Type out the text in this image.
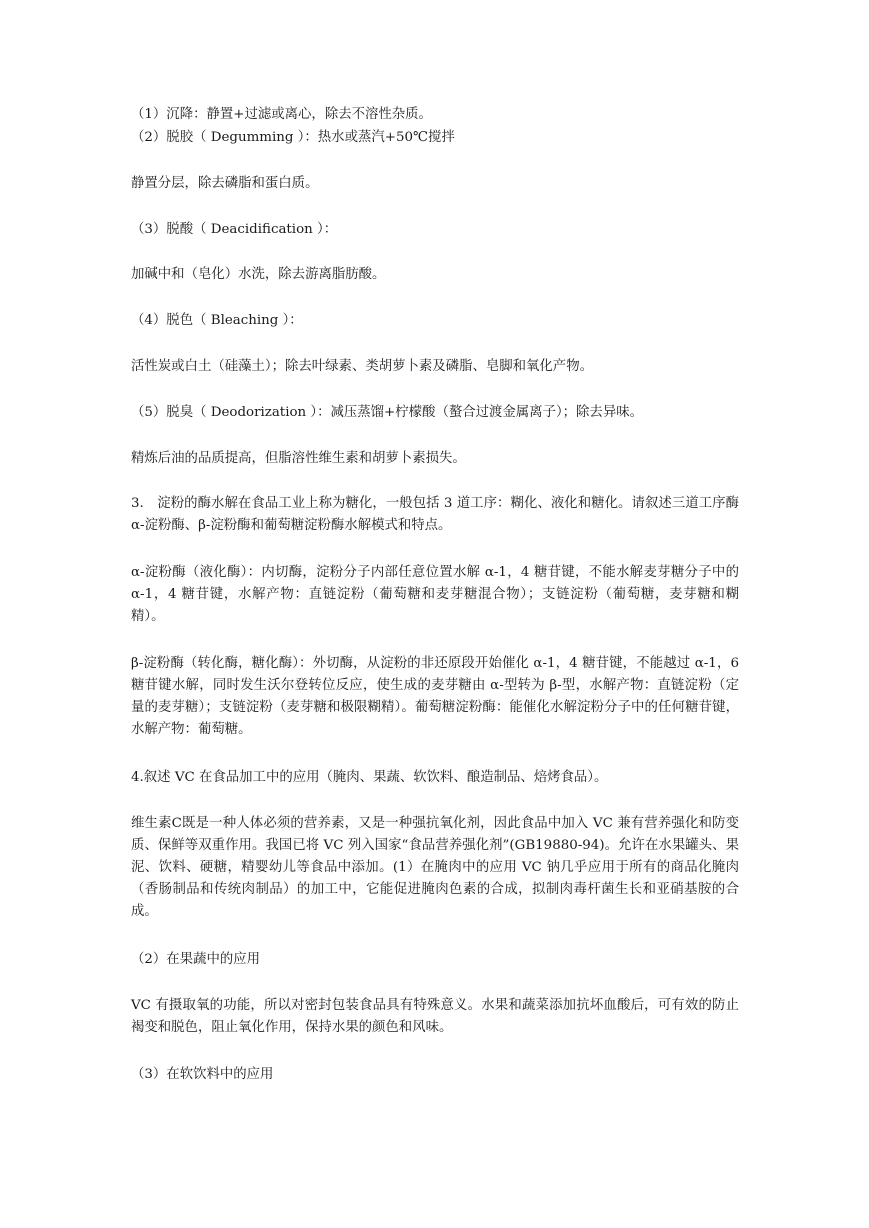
（1）沉降：静置+过滤或离心，除去不溶性杂质。

（2）脱胶（ Degumming ）：热水或蒸汽+50℃搅拌

静置分层，除去磷脂和蛋白质。

（3）脱酸（ Deacidification ）：

加碱中和（皂化）水洗，除去游离脂肪酸。

（4）脱色（ Bleaching ）：

活性炭或白土（硅藻土）；除去叶绿素、类胡萝卜素及磷脂、皂脚和氧化产物。

（5）脱臭（ Deodorization ）：减压蒸馏+柠檬酸（螯合过渡金属离子）；除去异味。

精炼后油的品质提高，但脂溶性维生素和胡萝卜素损失。

3.　淀粉的酶水解在食品工业上称为糖化，一般包括 3 道工序：糊化、液化和糖化。请叙述三道工序酶 α-淀粉酶、β-淀粉酶和葡萄糖淀粉酶水解模式和特点。

α-淀粉酶（液化酶）：内切酶，淀粉分子内部任意位置水解 α-1，4 糖苷键，不能水解麦芽糖分子中的 α-1，4 糖苷键，水解产物：直链淀粉（葡萄糖和麦芽糖混合物）；支链淀粉（葡萄糖，麦芽糖和糊精）。

β-淀粉酶（转化酶，糖化酶）：外切酶，从淀粉的非还原段开始催化 α-1，4 糖苷键，不能越过 α-1，6 糖苷键水解，同时发生沃尔登转位反应，使生成的麦芽糖由 α-型转为 β-型，水解产物：直链淀粉（定量的麦芽糖）；支链淀粉（麦芽糖和极限糊精）。葡萄糖淀粉酶：能催化水解淀粉分子中的任何糖苷键，水解产物：葡萄糖。

4.叙述 VC 在食品加工中的应用（腌肉、果蔬、软饮料、酿造制品、焙烤食品）。

维生素C既是一种人体必须的营养素，又是一种强抗氧化剂，因此食品中加入 VC 兼有营养强化和防变质、保鲜等双重作用。我国已将 VC 列入国家“食品营养强化剂”(GB19880-94)。允许在水果罐头、果泥、饮料、硬糖，精婴幼儿等食品中添加。(1）在腌肉中的应用 VC 钠几乎应用于所有的商品化腌肉（香肠制品和传统肉制品）的加工中，它能促进腌肉色素的合成，拟制肉毒杆菌生长和亚硝基胺的合成。

（2）在果蔬中的应用

VC 有摄取氧的功能，所以对密封包装食品具有特殊意义。水果和蔬菜添加抗坏血酸后，可有效的防止褐变和脱色，阻止氧化作用，保持水果的颜色和风味。

（3）在软饮料中的应用
